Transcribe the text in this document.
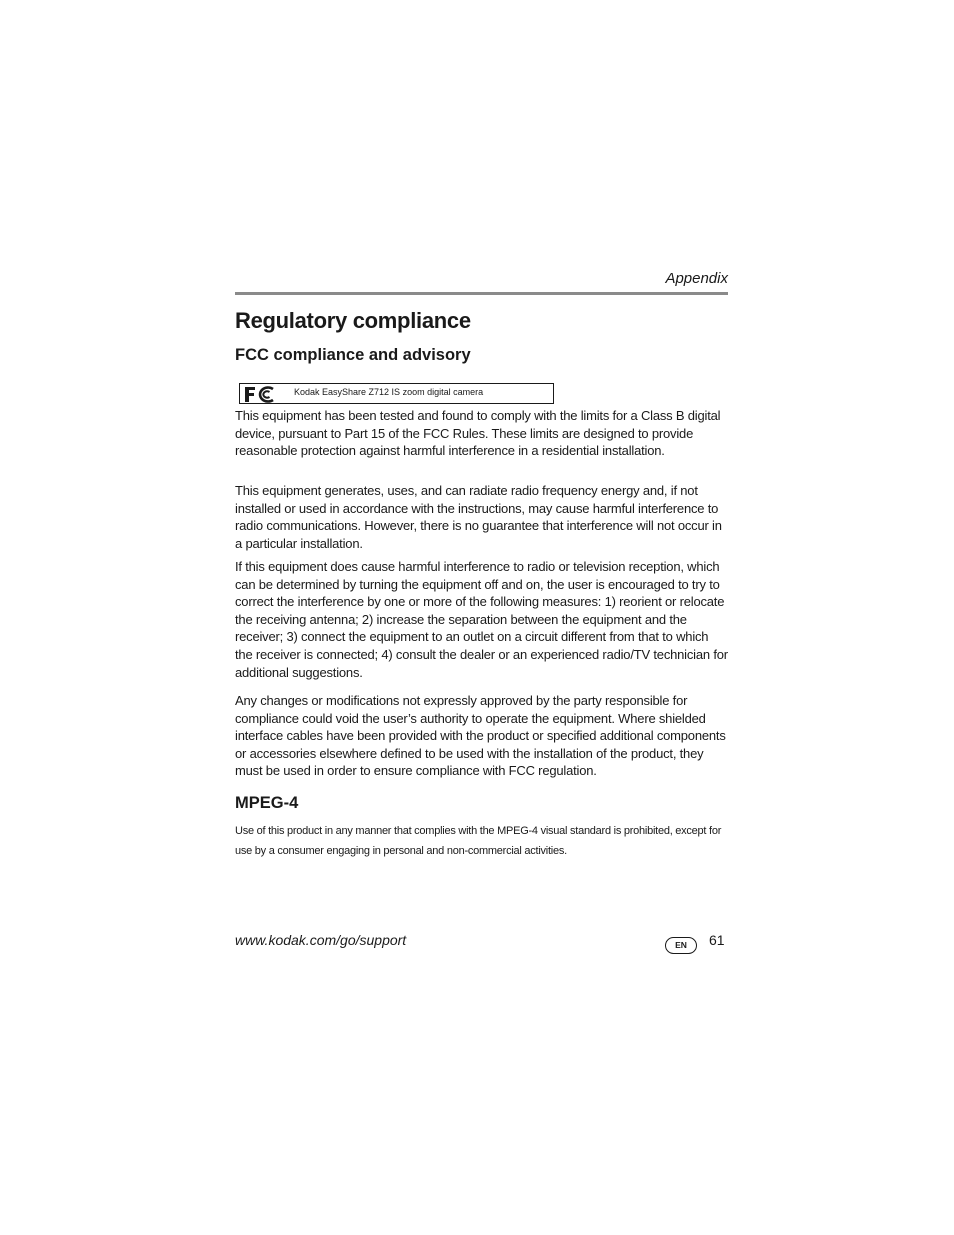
Appendix
Regulatory compliance
FCC compliance and advisory
FC
Kodak EasyShare Z712 IS zoom digital camera

This equipment has been tested and found to comply with the limits for a Class B digital device, pursuant to Part 15 of the FCC Rules. These limits are designed to provide reasonable protection against harmful interference in a residential installation.

This equipment generates, uses, and can radiate radio frequency energy and, if not installed or used in accordance with the instructions, may cause harmful interference to radio communications. However, there is no guarantee that interference will not occur in a particular installation.

If this equipment does cause harmful interference to radio or television reception, which can be determined by turning the equipment off and on, the user is encouraged to try to correct the interference by one or more of the following measures: 1) reorient or relocate the receiving antenna; 2) increase the separation between the equipment and the receiver; 3) connect the equipment to an outlet on a circuit different from that to which the receiver is connected; 4) consult the dealer or an experienced radio/TV technician for additional suggestions.

Any changes or modifications not expressly approved by the party responsible for compliance could void the user’s authority to operate the equipment. Where shielded interface cables have been provided with the product or specified additional components or accessories elsewhere defined to be used with the installation of the product, they must be used in order to ensure compliance with FCC regulation.

MPEG-4

Use of this product in any manner that complies with the MPEG-4 visual standard is prohibited, except for use by a consumer engaging in personal and non-commercial activities.

www.kodak.com/go/support	EN	61
